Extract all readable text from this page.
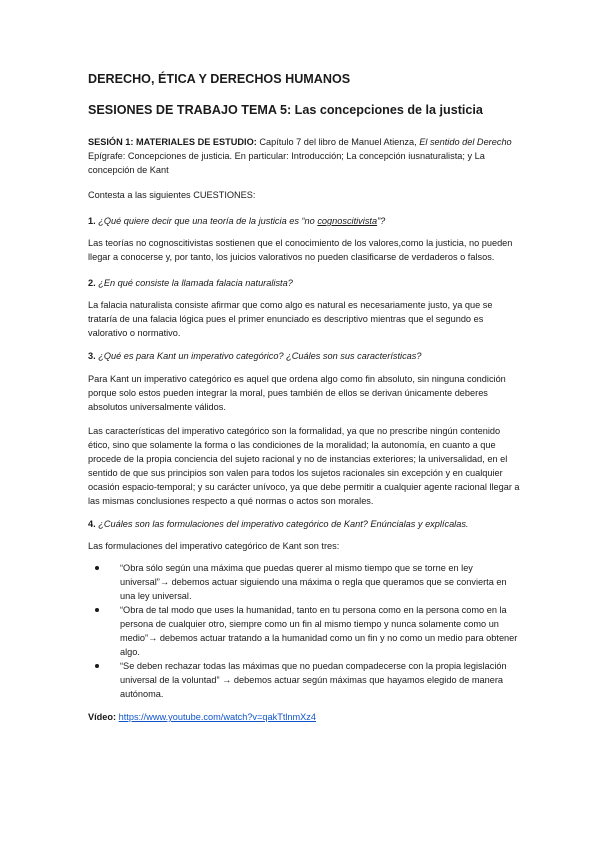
DERECHO, ÉTICA Y DERECHOS HUMANOS
SESIONES DE TRABAJO TEMA 5: Las concepciones de la justicia

SESIÓN 1: MATERIALES DE ESTUDIO: Capítulo 7 del libro de Manuel Atienza, El sentido del Derecho Epígrafe: Concepciones de justicia. En particular: Introducción; La concepción iusnaturalista; y La concepción de Kant

Contesta a las siguientes CUESTIONES:

1. ¿Qué quiere decir que una teoría de la justicia es “no cognoscitivista”?

Las teorías no cognoscitivistas sostienen que el conocimiento de los valores,como la justicia, no pueden llegar a conocerse y, por tanto, los juicios valorativos no pueden clasificarse de verdaderos o falsos.

2. ¿En qué consiste la llamada falacia naturalista?

La falacia naturalista consiste afirmar que como algo es natural es necesariamente justo, ya que se trataría de una falacia lógica pues el primer enunciado es descriptivo mientras que el segundo es valorativo o normativo.

3. ¿Qué es para Kant un imperativo categórico? ¿Cuáles son sus características?

Para Kant un imperativo categórico es aquel que ordena algo como fin absoluto, sin ninguna condición porque solo estos pueden integrar la moral, pues también de ellos se derivan únicamente deberes absolutos universalmente válidos.

Las características del imperativo categórico son la formalidad, ya que no prescribe ningún contenido ético, sino que solamente la forma o las condiciones de la moralidad; la autonomía, en cuanto a que procede de la propia conciencia del sujeto racional y no de instancias exteriores; la universalidad, en el sentido de que sus principios son valen para todos los sujetos racionales sin excepción y en cualquier ocasión espacio-temporal; y su carácter unívoco, ya que debe permitir a cualquier agente racional llegar a las mismas conclusiones respecto a qué normas o actos son morales.

4. ¿Cuáles son las formulaciones del imperativo categórico de Kant? Enúncialas y explícalas.

Las formulaciones del imperativo categórico de Kant son tres:

“Obra sólo según una máxima que puedas querer al mismo tiempo que se torne en ley universal”→ debemos actuar siguiendo una máxima o regla que queramos que se convierta en una ley universal.
“Obra de tal modo que uses la humanidad, tanto en tu persona como en la persona como en la persona de cualquier otro, siempre como un fin al mismo tiempo y nunca solamente como un medio”→ debemos actuar tratando a la humanidad como un fin y no como un medio para obtener algo.
“Se deben rechazar todas las máximas que no puedan compadecerse con la propia legislación universal de la voluntad” → debemos actuar según máximas que hayamos elegido de manera autónoma.

Vídeo: https://www.youtube.com/watch?v=qakTtlnmXz4
